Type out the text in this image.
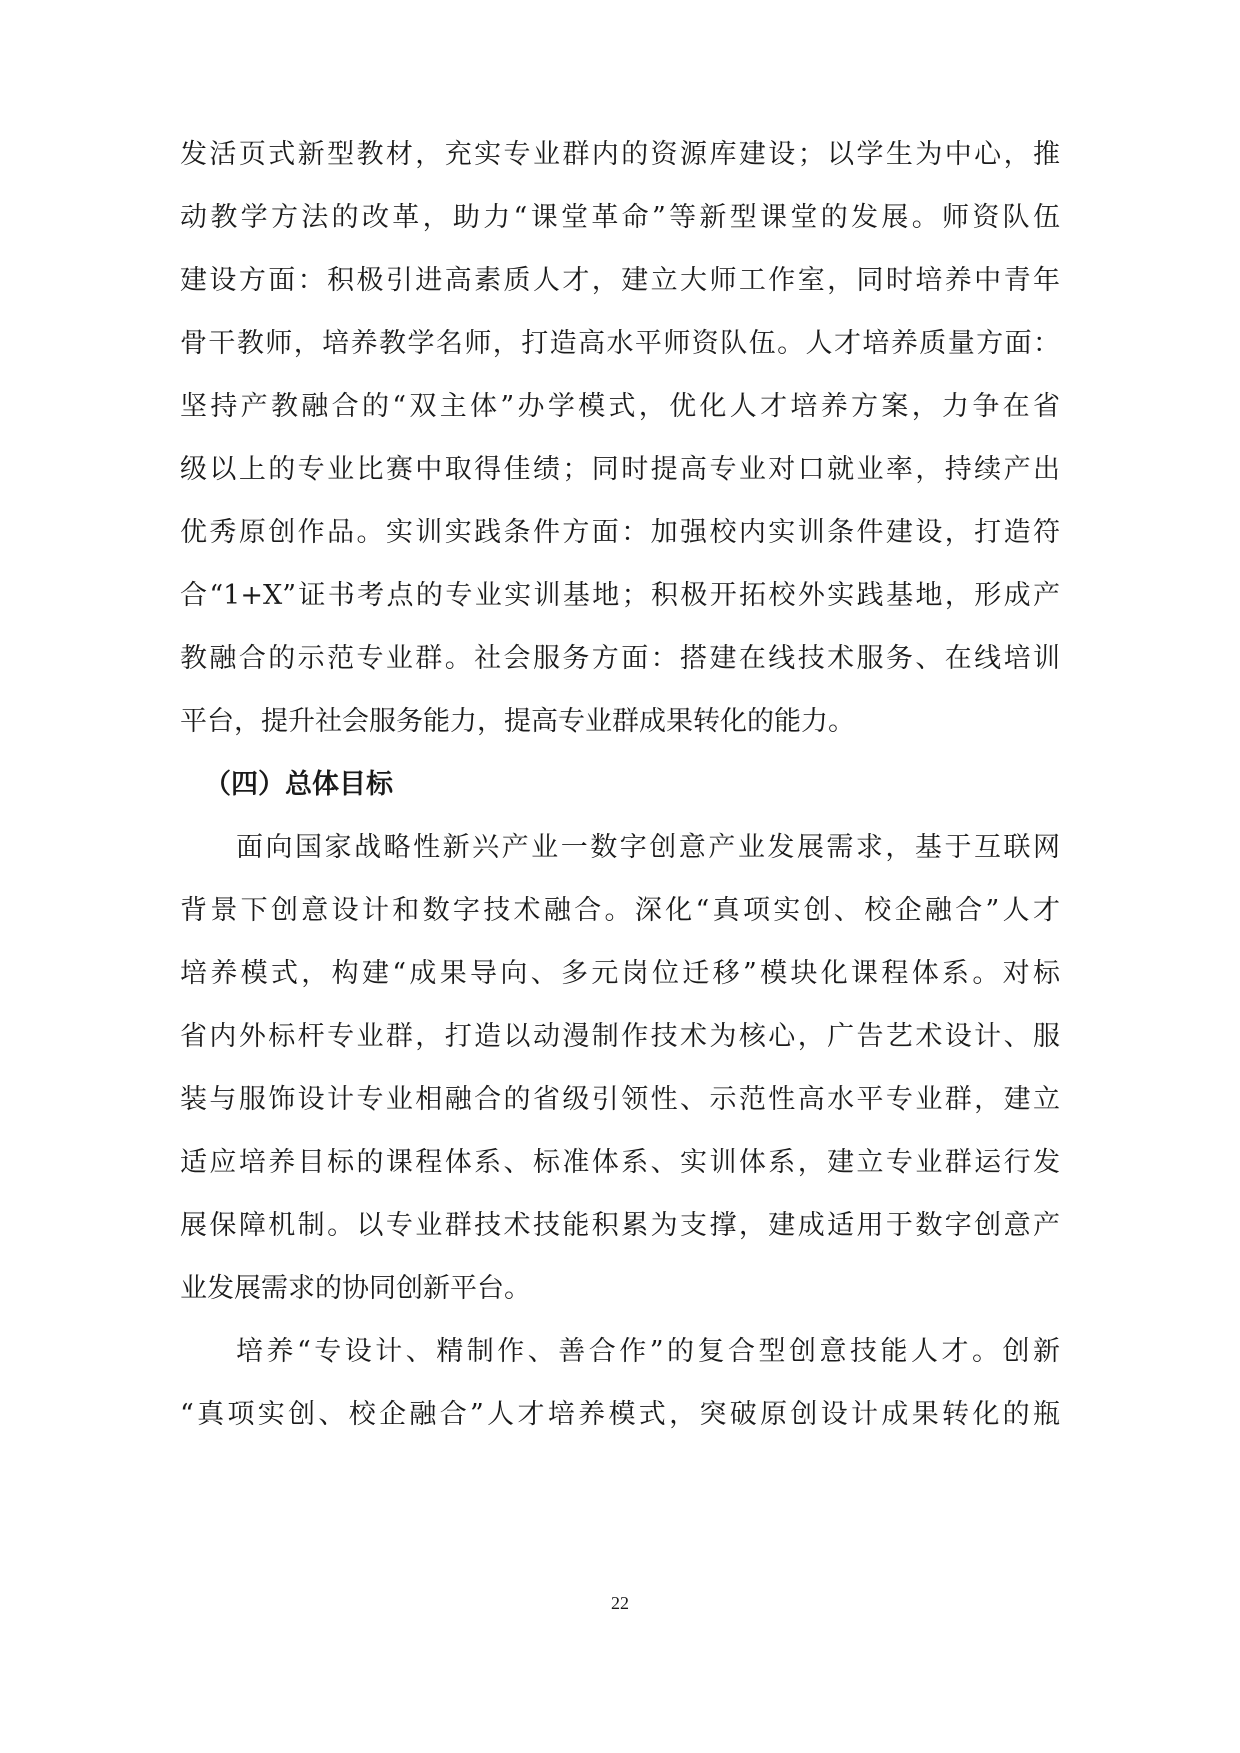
发活页式新型教材，充实专业群内的资源库建设；以学生为中心，推
动教学方法的改革，助力“课堂革命”等新型课堂的发展。师资队伍
建设方面：积极引进高素质人才，建立大师工作室，同时培养中青年
骨干教师，培养教学名师，打造高水平师资队伍。人才培养质量方面：
坚持产教融合的“双主体”办学模式，优化人才培养方案，力争在省
级以上的专业比赛中取得佳绩；同时提高专业对口就业率，持续产出
优秀原创作品。实训实践条件方面：加强校内实训条件建设，打造符
合“1+X”证书考点的专业实训基地；积极开拓校外实践基地，形成产
教融合的示范专业群。社会服务方面：搭建在线技术服务、在线培训
平台，提升社会服务能力，提高专业群成果转化的能力。
（四）总体目标
面向国家战略性新兴产业一数字创意产业发展需求，基于互联网
背景下创意设计和数字技术融合。深化“真项实创、校企融合”人才
培养模式，构建“成果导向、多元岗位迁移”模块化课程体系。对标
省内外标杆专业群，打造以动漫制作技术为核心，广告艺术设计、服
装与服饰设计专业相融合的省级引领性、示范性高水平专业群，建立
适应培养目标的课程体系、标准体系、实训体系，建立专业群运行发
展保障机制。以专业群技术技能积累为支撑，建成适用于数字创意产
业发展需求的协同创新平台。
培养“专设计、精制作、善合作”的复合型创意技能人才。创新
“真项实创、校企融合”人才培养模式，突破原创设计成果转化的瓶
22
